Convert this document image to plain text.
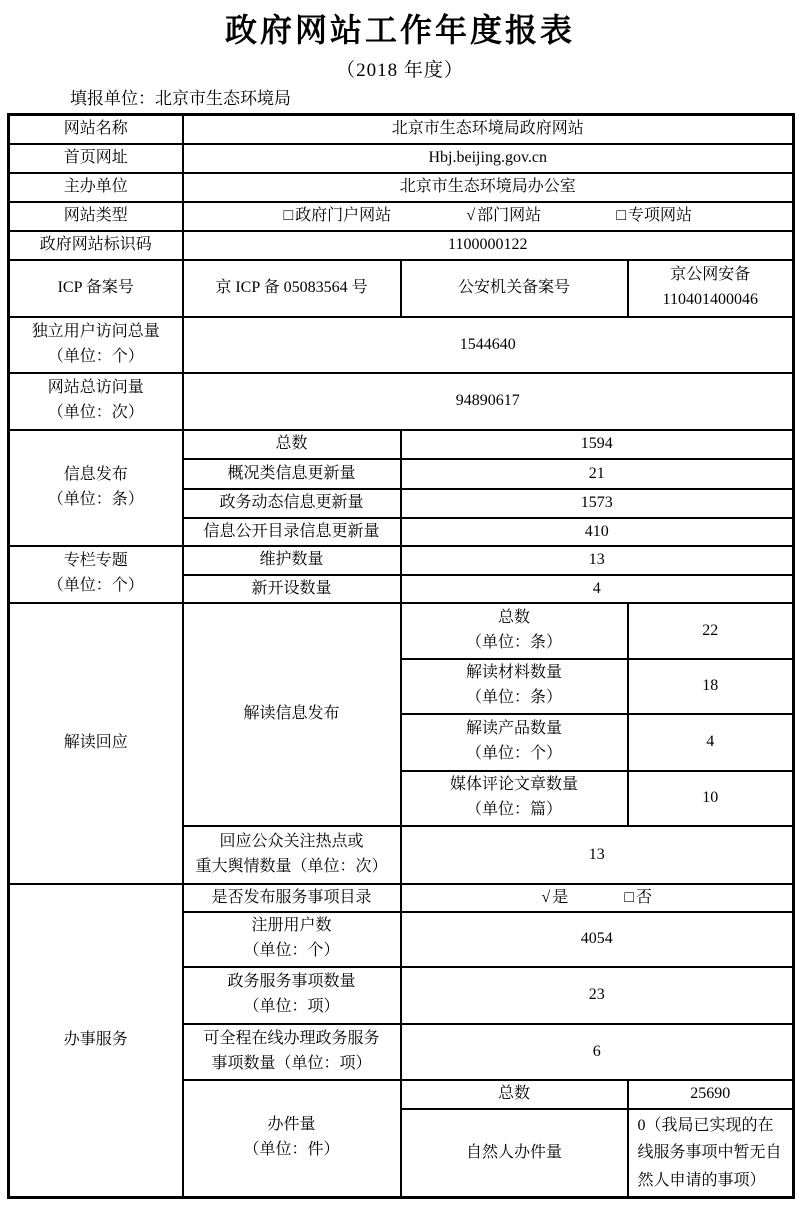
政府网站工作年度报表
（2018 年度）
填报单位：北京市生态环境局
网站名称	北京市生态环境局政府网站		
首页网址	Hbj.beijing.gov.cn		
主办单位	北京市生态环境局办公室		
网站类型	□ 政府门户网站 √ 部门网站 □ 专项网站		

政府网站标识码	1100000122		
ICP 备案号	京 ICP 备 05083564 号	公安机关备案号	京公网安备
110401400046

独立用户访问总量
（单位：个）	1544640		

网站总访问量
（单位：次）	94890617		

信息发布
（单位：条）	总数	1594	
	概况类信息更新量	21	
	政务动态信息更新量	1573	
	信息公开目录信息更新量	410	

专栏专题
（单位：个）	维护数量	13	
	新开设数量	4	
解读回应	解读信息发布	总数
（单位：条）	22

		解读材料数量
（单位：条）	18

		解读产品数量
（单位：个）	4

		媒体评论文章数量
（单位：篇）	10

	回应公众关注热点或
重大舆情数量（单位：次）	13	
办事服务	是否发布服务事项目录	√ 是 □ 否	

	注册用户数
（单位：个）	4054	

	政务服务事项数量
（单位：项）	23	

	可全程在线办理政务服务
事项数量（单位：项）	6	

	办件量
（单位：件）	总数	25690
		自然人办件量	0（我局已实现的在线服务事项中暂无自然人申请的事项）
